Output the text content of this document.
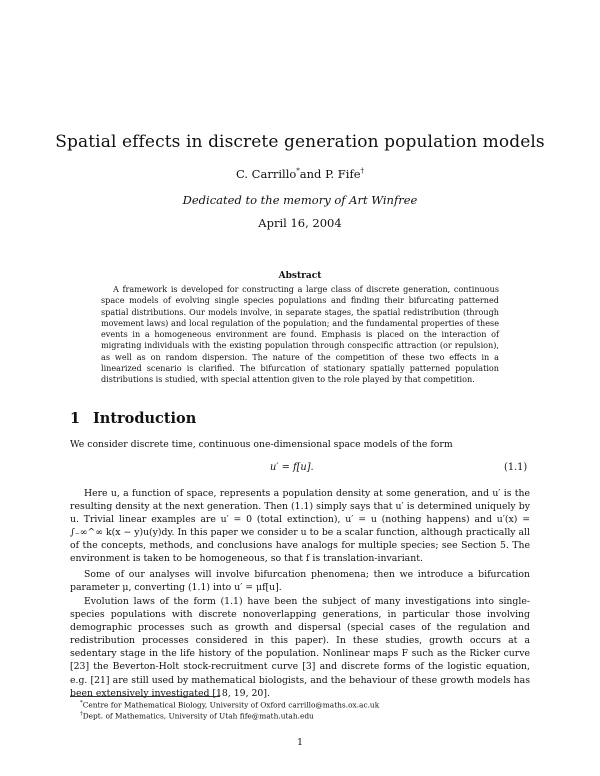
Spatial effects in discrete generation population models
C. Carrillo*and P. Fife†
Dedicated to the memory of Art Winfree
April 16, 2004
Abstract
A framework is developed for constructing a large class of discrete generation, continuous space models of evolving single species populations and finding their bifurcating patterned spatial distributions. Our models involve, in separate stages, the spatial redistribution (through movement laws) and local regulation of the population; and the fundamental properties of these events in a homogeneous environment are found. Emphasis is placed on the interaction of migrating individuals with the existing population through conspecific attraction (or repulsion), as well as on random dispersion. The nature of the competition of these two effects in a linearized scenario is clarified. The bifurcation of stationary spatially patterned population distributions is studied, with special attention given to the role played by that competition.
1 Introduction
We consider discrete time, continuous one-dimensional space models of the form
u′ = f[u].	(1.1)
Here u, a function of space, represents a population density at some generation, and u′ is the resulting density at the next generation. Then (1.1) simply says that u′ is determined uniquely by u. Trivial linear examples are u′ = 0 (total extinction), u′ = u (nothing happens) and u′(x) = ∫₋∞^∞ k(x − y)u(y)dy. In this paper we consider u to be a scalar function, although practically all of the concepts, methods, and conclusions have analogs for multiple species; see Section 5. The environment is taken to be homogeneous, so that f is translation-invariant.
Some of our analyses will involve bifurcation phenomena; then we introduce a bifurcation parameter μ, converting (1.1) into u′ = μf[u].
Evolution laws of the form (1.1) have been the subject of many investigations into single-species populations with discrete nonoverlapping generations, in particular those involving demographic processes such as growth and dispersal (special cases of the regulation and redistribution processes considered in this paper). In these studies, growth occurs at a sedentary stage in the life history of the population. Nonlinear maps F such as the Ricker curve [23] the Beverton-Holt stock-recruitment curve [3] and discrete forms of the logistic equation, e.g. [21] are still used by mathematical biologists, and the behaviour of these growth models has been extensively investigated [18, 19, 20].
*Centre for Mathematical Biology, University of Oxford carrillo@maths.ox.ac.uk
†Dept. of Mathematics, University of Utah fife@math.utah.edu
1
